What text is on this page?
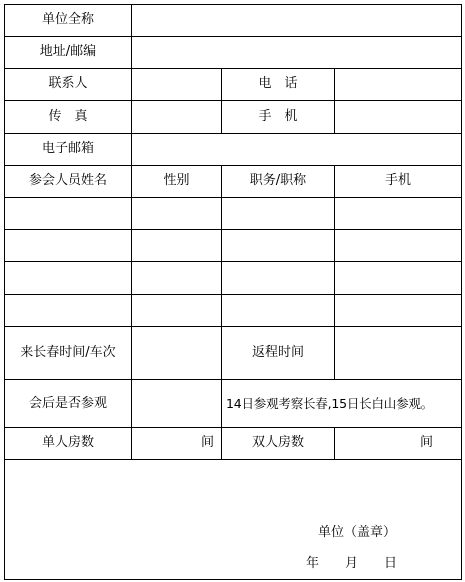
单位全称
地址/邮编
联系人	电　话
传　真	手　机
电子邮箱
参会人员姓名	性别	职务/职称	手机
来长春时间/车次	返程时间
会后是否参观	14日参观考察长春,15日长白山参观。
单人房数	间	双人房数	间
单位（盖章）
年　　月　　日
